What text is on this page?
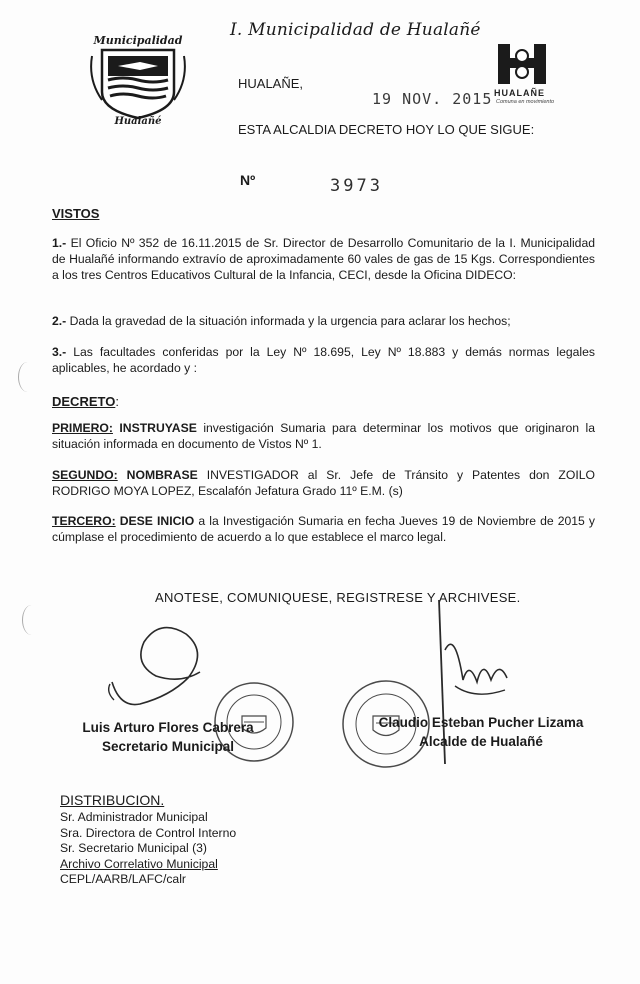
Municipalidad
Hualañé
I. Municipalidad de Hualañé
HUALAÑE
Comuna en movimiento
HUALAÑE,
19 NOV. 2015
ESTA ALCALDIA DECRETO HOY LO QUE SIGUE:
Nº	3973
VISTOS
1.- El Oficio Nº 352 de 16.11.2015 de Sr. Director de Desarrollo Comunitario de la I. Municipalidad de Hualañé informando extravío de aproximadamente 60 vales de gas de 15 Kgs. Correspondientes a los tres Centros Educativos Cultural de la Infancia, CECI, desde la Oficina DIDECO:
2.- Dada la gravedad de la situación informada y la urgencia para aclarar los hechos;
3.- Las facultades conferidas por la Ley Nº 18.695, Ley Nº 18.883 y demás normas legales aplicables, he acordado y :
DECRETO:
PRIMERO: INSTRUYASE investigación Sumaria para determinar los motivos que originaron la situación informada en documento de Vistos Nº 1.
SEGUNDO: NOMBRASE INVESTIGADOR al Sr. Jefe de Tránsito y Patentes don ZOILO RODRIGO MOYA LOPEZ, Escalafón Jefatura Grado 11º E.M. (s)
TERCERO: DESE INICIO a la Investigación Sumaria en fecha Jueves 19 de Noviembre de 2015 y cúmplase el procedimiento de acuerdo a lo que establece el marco legal.
ANOTESE, COMUNIQUESE, REGISTRESE Y ARCHIVESE.
Luis Arturo Flores Cabrera
Secretario Municipal
Claudio Esteban Pucher Lizama
Alcalde de Hualañé
DISTRIBUCION.
Sr. Administrador Municipal
Sra. Directora de Control Interno
Sr. Secretario Municipal (3)
Archivo Correlativo Municipal
CEPL/AARB/LAFC/calr
